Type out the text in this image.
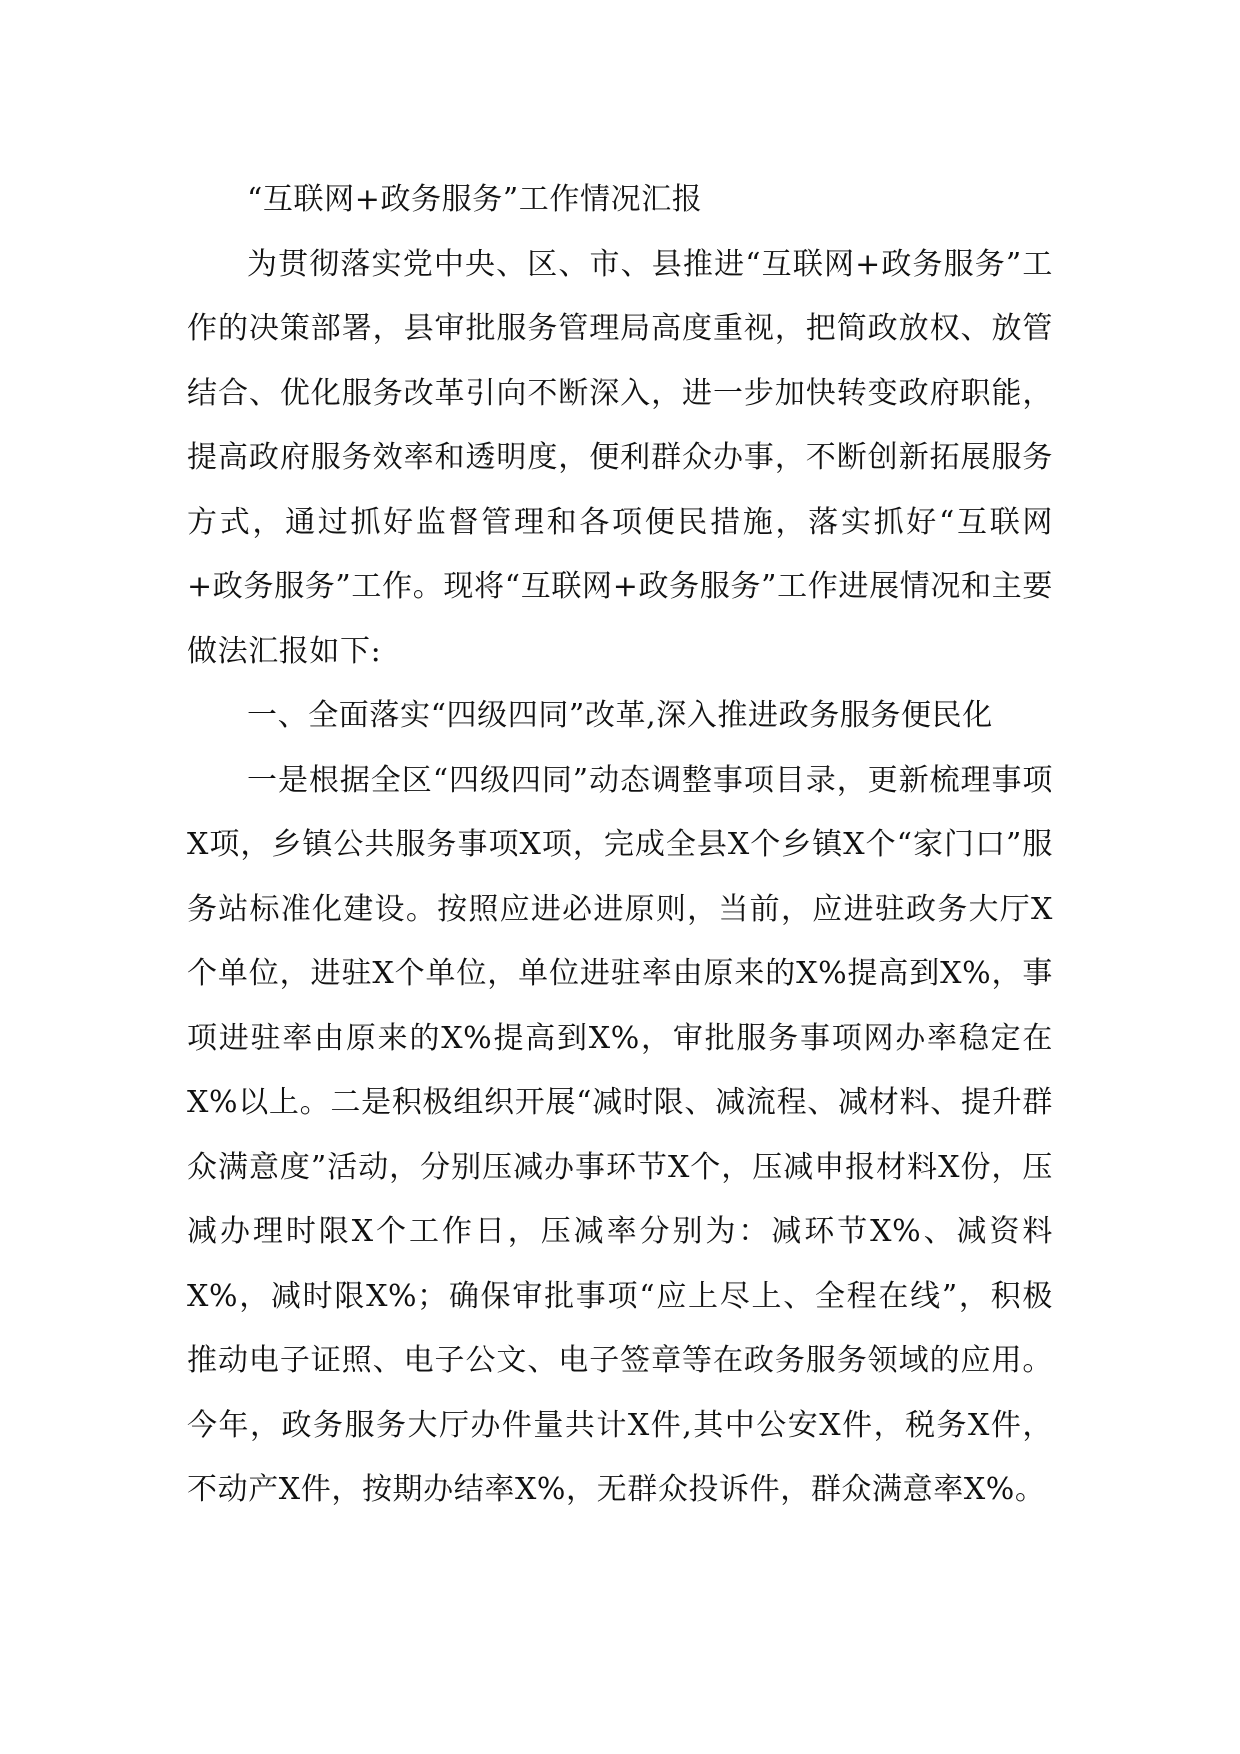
“互联网+政务服务”工作情况汇报

为贯彻落实党中央、区、市、县推进“互联网+政务服务”工作的决策部署，县审批服务管理局高度重视，把简政放权、放管结合、优化服务改革引向不断深入，进一步加快转变政府职能，提高政府服务效率和透明度，便利群众办事，不断创新拓展服务方式，通过抓好监督管理和各项便民措施，落实抓好“互联网+政务服务”工作。现将“互联网+政务服务”工作进展情况和主要做法汇报如下:

一、全面落实“四级四同”改革,深入推进政务服务便民化

一是根据全区“四级四同”动态调整事项目录，更新梳理事项X项，乡镇公共服务事项X项，完成全县X个乡镇X个“家门口”服务站标准化建设。按照应进必进原则，当前，应进驻政务大厅X个单位，进驻X个单位，单位进驻率由原来的X%提高到X%，事项进驻率由原来的X%提高到X%，审批服务事项网办率稳定在X%以上。二是积极组织开展“减时限、减流程、减材料、提升群众满意度”活动，分别压减办事环节X个，压减申报材料X份，压减办理时限X个工作日，压减率分别为：减环节X%、减资料X%，减时限X%；确保审批事项“应上尽上、全程在线”，积极推动电子证照、电子公文、电子签章等在政务服务领域的应用。今年，政务服务大厅办件量共计X件,其中公安X件，税务X件，不动产X件，按期办结率X%，无群众投诉件，群众满意率X%。
